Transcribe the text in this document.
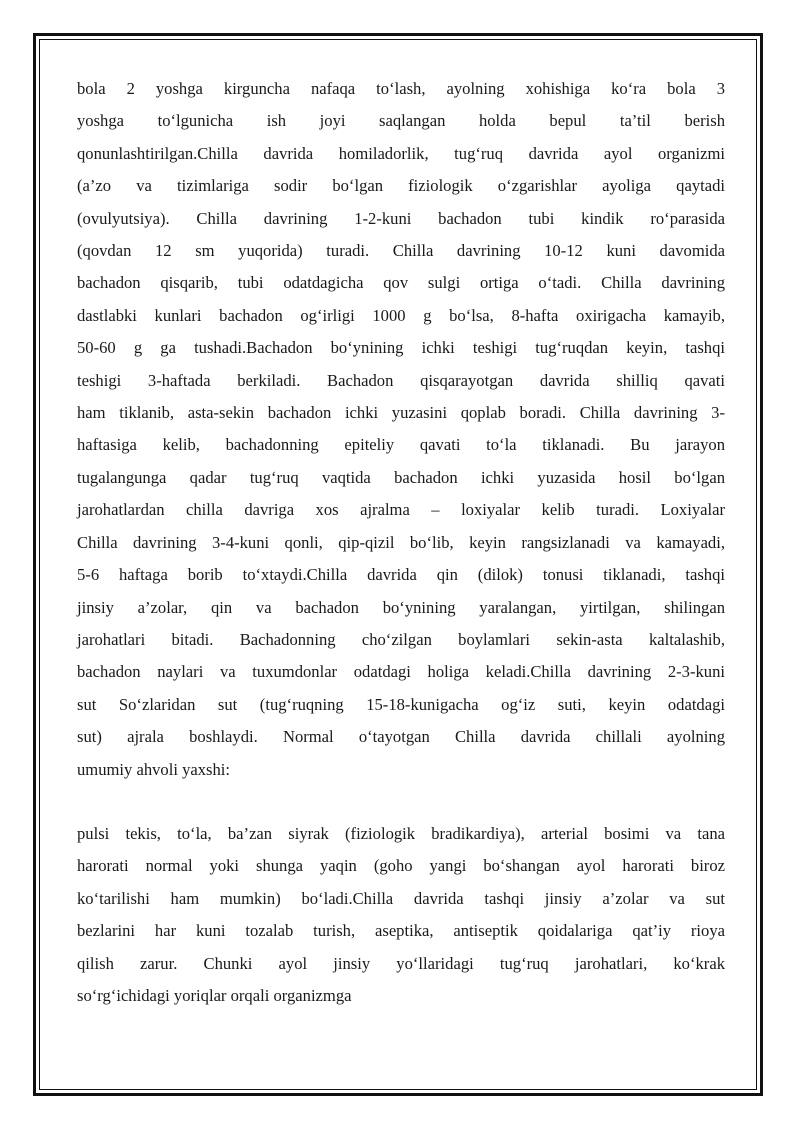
bola 2 yoshga kirguncha nafaqa to‘lash, ayolning xohishiga ko‘ra bola 3
yoshga to‘lgunicha ish joyi saqlangan holda bepul ta’til berish
qonunlashtirilgan.Chilla davrida homiladorlik, tug‘ruq davrida ayol organizmi
(a’zo va tizimlariga sodir bo‘lgan fiziologik o‘zgarishlar ayoliga qaytadi
(ovulyutsiya). Chilla davrining 1-2-kuni bachadon tubi kindik ro‘parasida
(qovdan 12 sm yuqorida) turadi. Chilla davrining 10-12 kuni davomida
bachadon qisqarib, tubi odatdagicha qov sulgi ortiga o‘tadi. Chilla davrining
dastlabki kunlari bachadon og‘irligi 1000 g bo‘lsa, 8-hafta oxirigacha kamayib,
50-60 g ga tushadi.Bachadon bo‘ynining ichki teshigi tug‘ruqdan keyin, tashqi
teshigi 3-haftada berkiladi. Bachadon qisqarayotgan davrida shilliq qavati
ham tiklanib, asta-sekin bachadon ichki yuzasini qoplab boradi. Chilla davrining 3-
haftasiga kelib, bachadonning epiteliy qavati to‘la tiklanadi. Bu jarayon
tugalangunga qadar tug‘ruq vaqtida bachadon ichki yuzasida hosil bo‘lgan
jarohatlardan chilla davriga xos ajralma – loxiyalar kelib turadi. Loxiyalar
Chilla davrining 3-4-kuni qonli, qip-qizil bo‘lib, keyin rangsizlanadi va kamayadi,
5-6 haftaga borib to‘xtaydi.Chilla davrida qin (dilok) tonusi tiklanadi, tashqi
jinsiy a’zolar, qin va bachadon bo‘ynining yaralangan, yirtilgan, shilingan
jarohatlari bitadi. Bachadonning cho‘zilgan boylamlari sekin-asta kaltalashib,
bachadon naylari va tuxumdonlar odatdagi holiga keladi.Chilla davrining 2-3-kuni
sut So‘zlaridan sut (tug‘ruqning 15-18-kunigacha og‘iz suti, keyin odatdagi
sut) ajrala boshlaydi. Normal o‘tayotgan Chilla davrida chillali ayolning
umumiy ahvoli yaxshi:

pulsi tekis, to‘la, ba’zan siyrak (fiziologik bradikardiya), arterial bosimi va tana
harorati normal yoki shunga yaqin (goho yangi bo‘shangan ayol harorati biroz
ko‘tarilishi ham mumkin) bo‘ladi.Chilla davrida tashqi jinsiy a’zolar va sut
bezlarini har kuni tozalab turish, aseptika, antiseptik qoidalariga qat’iy rioya
qilish zarur. Chunki ayol jinsiy yo‘llaridagi tug‘ruq jarohatlari, ko‘krak
so‘rg‘ichidagi yoriqlar orqali organizmga
